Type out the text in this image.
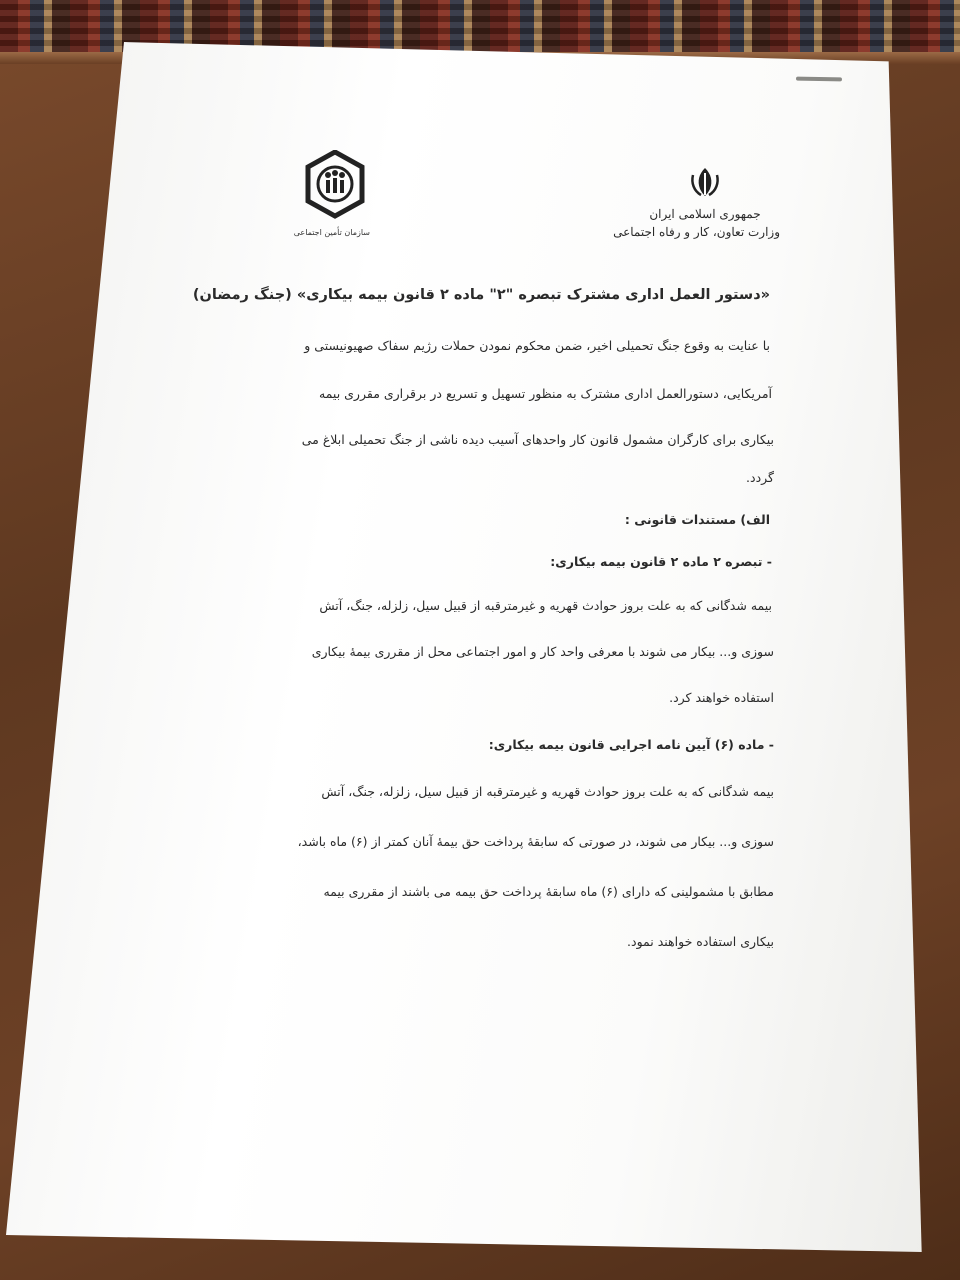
سازمان تأمین اجتماعی
جمهوری اسلامی ایران
وزارت تعاون، کار و رفاه اجتماعی
«دستور العمل اداری مشترک تبصره "٢" ماده ٢ قانون بیمه بیکاری» (جنگ رمضان)
با عنایت به وقوع جنگ تحمیلی اخیر، ضمن محکوم نمودن حملات رژیم سفاک صهیونیستی و
آمریکایی، دستورالعمل اداری مشترک به منظور تسهیل و تسریع در برقراری مقرری بیمه
بیکاری برای کارگران مشمول قانون کار واحدهای آسیب دیده ناشی از جنگ تحمیلی ابلاغ می
گردد.
الف) مستندات قانونی :
- تبصره ٢ ماده ٢ قانون بیمه بیکاری:
بیمه شدگانی که به علت بروز حوادث قهریه و غیرمترقبه از قبیل سیل، زلزله، جنگ، آتش
سوزی و... بیکار می شوند با معرفی واحد کار و امور اجتماعی محل از مقرری بیمهٔ بیکاری
استفاده خواهند کرد.
- ماده (۶) آیین نامه اجرایی قانون بیمه بیکاری:
بیمه شدگانی که به علت بروز حوادث قهریه و غیرمترقبه از قبیل سیل، زلزله، جنگ، آتش
سوزی و... بیکار می شوند، در صورتی که سابقهٔ پرداخت حق بیمهٔ آنان کمتر از (۶) ماه باشد،
مطابق با مشمولینی که دارای (۶) ماه سابقهٔ پرداخت حق بیمه می باشند از مقرری بیمه
بیکاری استفاده خواهند نمود.
